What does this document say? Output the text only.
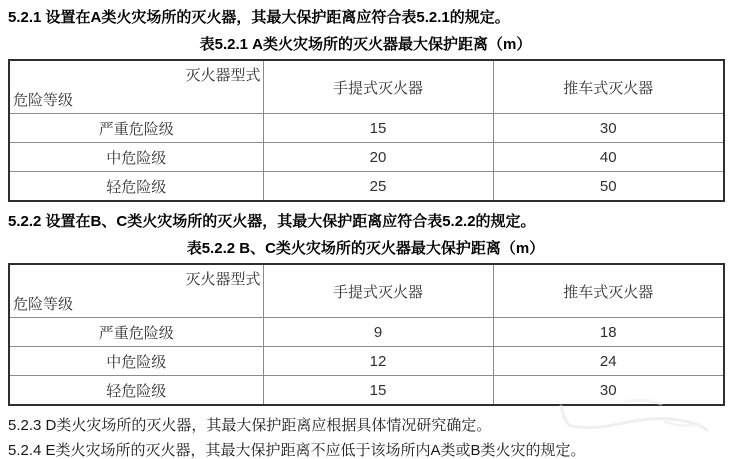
5.2.1 设置在A类火灾场所的灭火器，其最大保护距离应符合表5.2.1的规定。

表5.2.1 A类火灾场所的灭火器最大保护距离（m）
灭火器型式
危险等级	手提式灭火器	推车式灭火器
严重危险级	15	30
中危险级	20	40
轻危险级	25	50

5.2.2 设置在B、C类火灾场所的灭火器，其最大保护距离应符合表5.2.2的规定。

表5.2.2 B、C类火灾场所的灭火器最大保护距离（m）
灭火器型式
危险等级	手提式灭火器	推车式灭火器
严重危险级	9	18
中危险级	12	24
轻危险级	15	30

5.2.3 D类火灾场所的灭火器，其最大保护距离应根据具体情况研究确定。

5.2.4 E类火灾场所的灭火器，其最大保护距离不应低于该场所内A类或B类火灾的规定。
